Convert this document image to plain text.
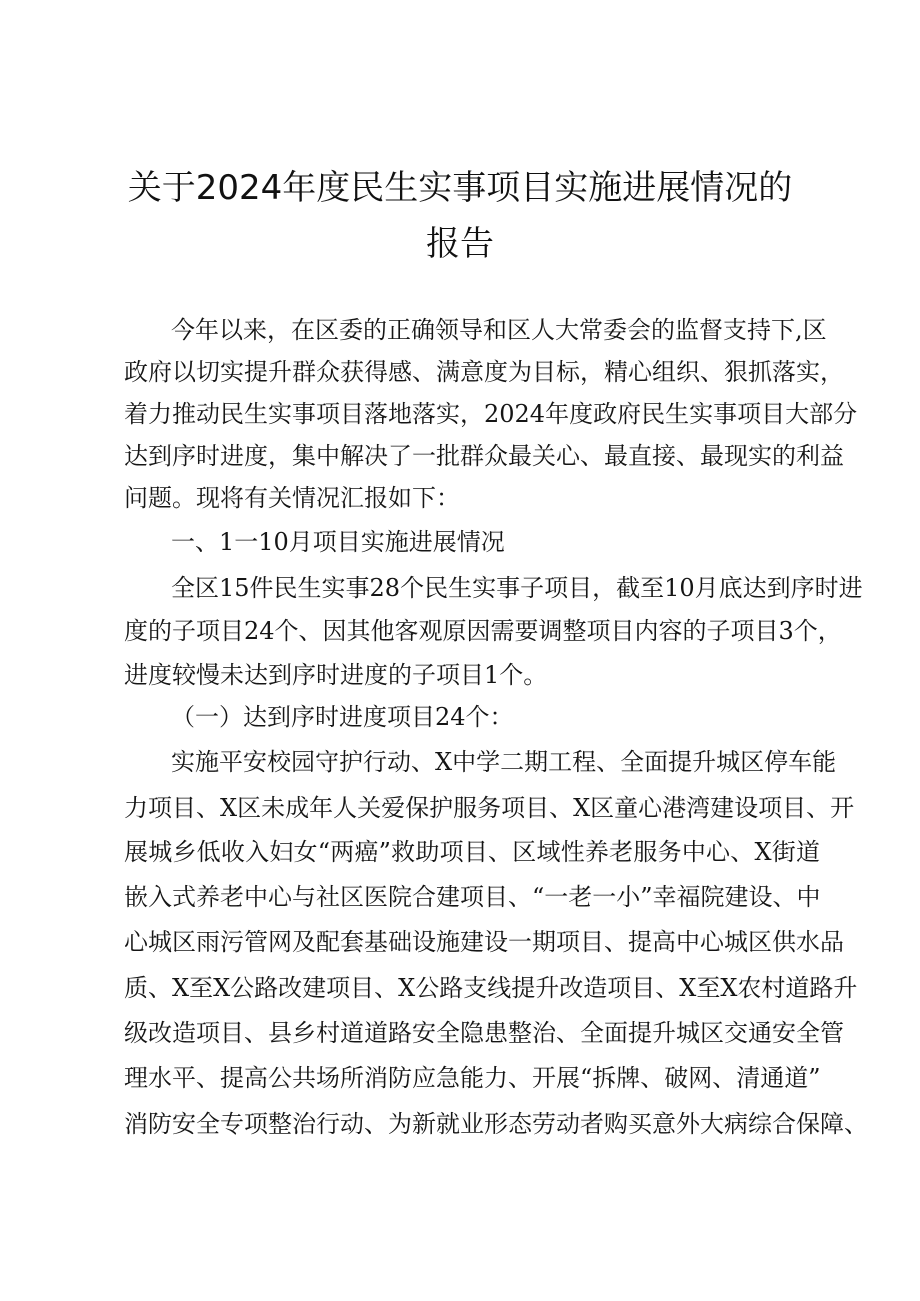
关于2024年度民生实事项目实施进展情况的
报告
今年以来，在区委的正确领导和区人大常委会的监督支持下,区
政府以切实提升群众获得感、满意度为目标，精心组织、狠抓落实，
着力推动民生实事项目落地落实，2024年度政府民生实事项目大部分
达到序时进度，集中解决了一批群众最关心、最直接、最现实的利益
问题。现将有关情况汇报如下：
一、1一10月项目实施进展情况
全区15件民生实事28个民生实事子项目，截至10月底达到序时进
度的子项目24个、因其他客观原因需要调整项目内容的子项目3个，
进度较慢未达到序时进度的子项目1个。
（一）达到序时进度项目24个：
实施平安校园守护行动、X中学二期工程、全面提升城区停车能
力项目、X区未成年人关爱保护服务项目、X区童心港湾建设项目、开
展城乡低收入妇女“两癌”救助项目、区域性养老服务中心、X街道
嵌入式养老中心与社区医院合建项目、“一老一小”幸福院建设、中
心城区雨污管网及配套基础设施建设一期项目、提高中心城区供水品
质、X至X公路改建项目、X公路支线提升改造项目、X至X农村道路升
级改造项目、县乡村道道路安全隐患整治、全面提升城区交通安全管
理水平、提高公共场所消防应急能力、开展“拆牌、破网、清通道”
消防安全专项整治行动、为新就业形态劳动者购买意外大病综合保障、
